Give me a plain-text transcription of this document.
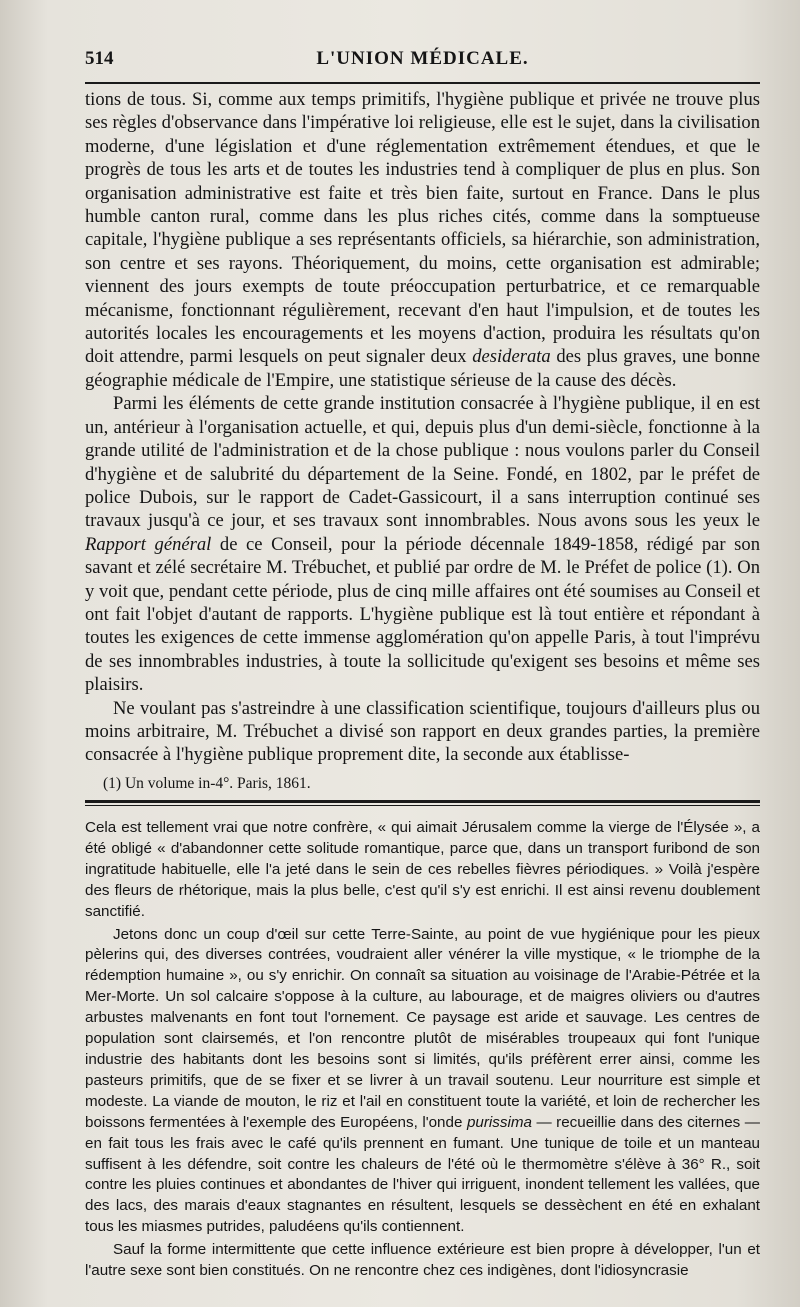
514	L'UNION MÉDICALE.

tions de tous. Si, comme aux temps primitifs, l'hygiène publique et privée ne trouve plus ses règles d'observance dans l'impérative loi religieuse, elle est le sujet, dans la civilisation moderne, d'une législation et d'une réglementation extrêmement étendues, et que le progrès de tous les arts et de toutes les industries tend à compliquer de plus en plus. Son organisation administrative est faite et très bien faite, surtout en France. Dans le plus humble canton rural, comme dans les plus riches cités, comme dans la somptueuse capitale, l'hygiène publique a ses représentants officiels, sa hiérarchie, son administration, son centre et ses rayons. Théoriquement, du moins, cette organisation est admirable; viennent des jours exempts de toute préoccupation perturbatrice, et ce remarquable mécanisme, fonctionnant régulièrement, recevant d'en haut l'impulsion, et de toutes les autorités locales les encouragements et les moyens d'action, produira les résultats qu'on doit attendre, parmi lesquels on peut signaler deux desiderata des plus graves, une bonne géographie médicale de l'Empire, une statistique sérieuse de la cause des décès.

Parmi les éléments de cette grande institution consacrée à l'hygiène publique, il en est un, antérieur à l'organisation actuelle, et qui, depuis plus d'un demi-siècle, fonctionne à la grande utilité de l'administration et de la chose publique : nous voulons parler du Conseil d'hygiène et de salubrité du département de la Seine. Fondé, en 1802, par le préfet de police Dubois, sur le rapport de Cadet-Gassicourt, il a sans interruption continué ses travaux jusqu'à ce jour, et ses travaux sont innombrables. Nous avons sous les yeux le Rapport général de ce Conseil, pour la période décennale 1849-1858, rédigé par son savant et zélé secrétaire M. Trébuchet, et publié par ordre de M. le Préfet de police (1). On y voit que, pendant cette période, plus de cinq mille affaires ont été soumises au Conseil et ont fait l'objet d'autant de rapports. L'hygiène publique est là tout entière et répondant à toutes les exigences de cette immense agglomération qu'on appelle Paris, à tout l'imprévu de ses innombrables industries, à toute la sollicitude qu'exigent ses besoins et même ses plaisirs.

Ne voulant pas s'astreindre à une classification scientifique, toujours d'ailleurs plus ou moins arbitraire, M. Trébuchet a divisé son rapport en deux grandes parties, la première consacrée à l'hygiène publique proprement dite, la seconde aux établisse-

(1) Un volume in-4°. Paris, 1861.

Cela est tellement vrai que notre confrère, « qui aimait Jérusalem comme la vierge de l'Élysée », a été obligé « d'abandonner cette solitude romantique, parce que, dans un transport furibond de son ingratitude habituelle, elle l'a jeté dans le sein de ces rebelles fièvres périodiques. » Voilà j'espère des fleurs de rhétorique, mais la plus belle, c'est qu'il s'y est enrichi. Il est ainsi revenu doublement sanctifié.

Jetons donc un coup d'œil sur cette Terre-Sainte, au point de vue hygiénique pour les pieux pèlerins qui, des diverses contrées, voudraient aller vénérer la ville mystique, « le triomphe de la rédemption humaine », ou s'y enrichir. On connaît sa situation au voisinage de l'Arabie-Pétrée et la Mer-Morte. Un sol calcaire s'oppose à la culture, au labourage, et de maigres oliviers ou d'autres arbustes malvenants en font tout l'ornement. Ce paysage est aride et sauvage. Les centres de population sont clairsemés, et l'on rencontre plutôt de misérables troupeaux qui font l'unique industrie des habitants dont les besoins sont si limités, qu'ils préfèrent errer ainsi, comme les pasteurs primitifs, que de se fixer et se livrer à un travail soutenu. Leur nourriture est simple et modeste. La viande de mouton, le riz et l'ail en constituent toute la variété, et loin de rechercher les boissons fermentées à l'exemple des Européens, l'onde purissima — recueillie dans des citernes — en fait tous les frais avec le café qu'ils prennent en fumant. Une tunique de toile et un manteau suffisent à les défendre, soit contre les chaleurs de l'été où le thermomètre s'élève à 36° R., soit contre les pluies continues et abondantes de l'hiver qui irriguent, inondent tellement les vallées, que des lacs, des marais d'eaux stagnantes en résultent, lesquels se dessèchent en été en exhalant tous les miasmes putrides, paludéens qu'ils contiennent.

Sauf la forme intermittente que cette influence extérieure est bien propre à développer, l'un et l'autre sexe sont bien constitués. On ne rencontre chez ces indigènes, dont l'idiosyncrasie
